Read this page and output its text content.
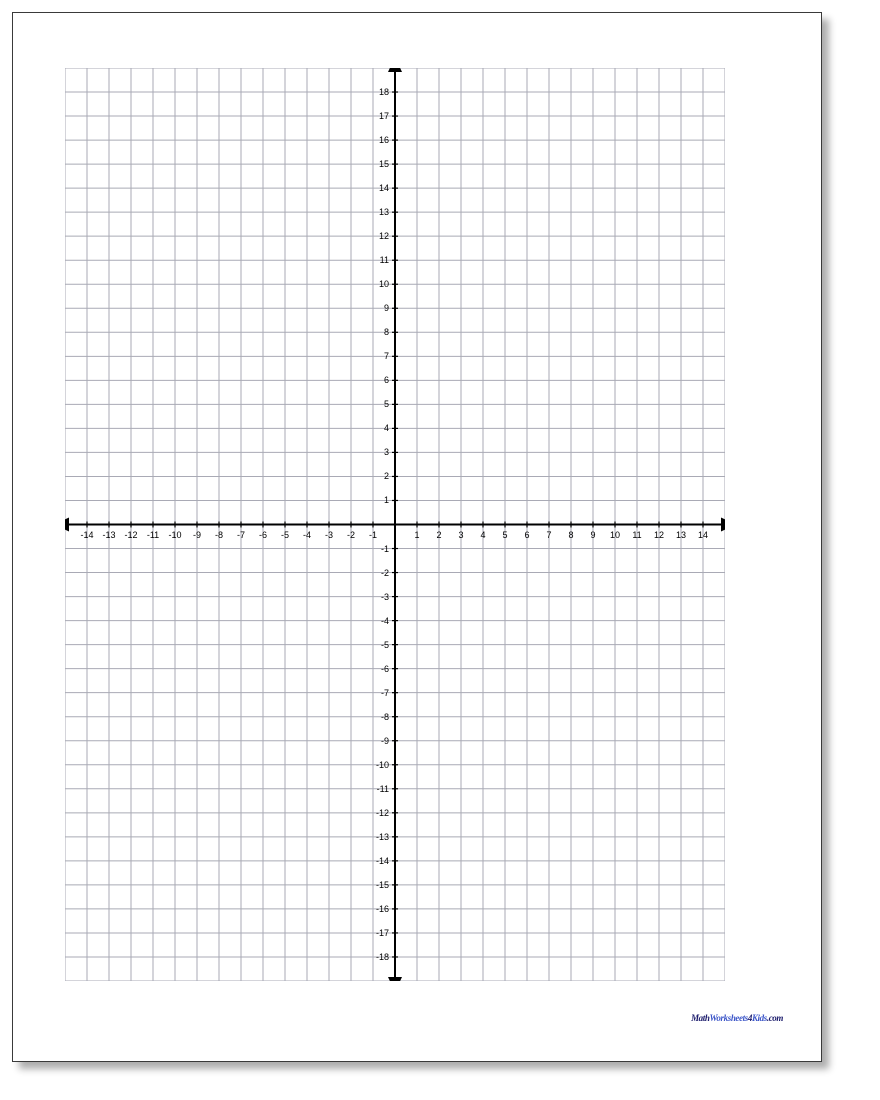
-14 -13 -12 -11 -10 -9 -8 -7 -6 -5 -4 -3 -2 -1	1 2 3 4 5 6 7 8 9 10 11 12 13 14
18
17
16
15
14
13
12
11
10
9
8
7
6
5
4
3
2
1
-1
-2
-3
-4
-5
-6
-7
-8
-9
-10
-11
-12
-13
-14
-15
-16
-17
-18
MathWorksheets4Kids.com
